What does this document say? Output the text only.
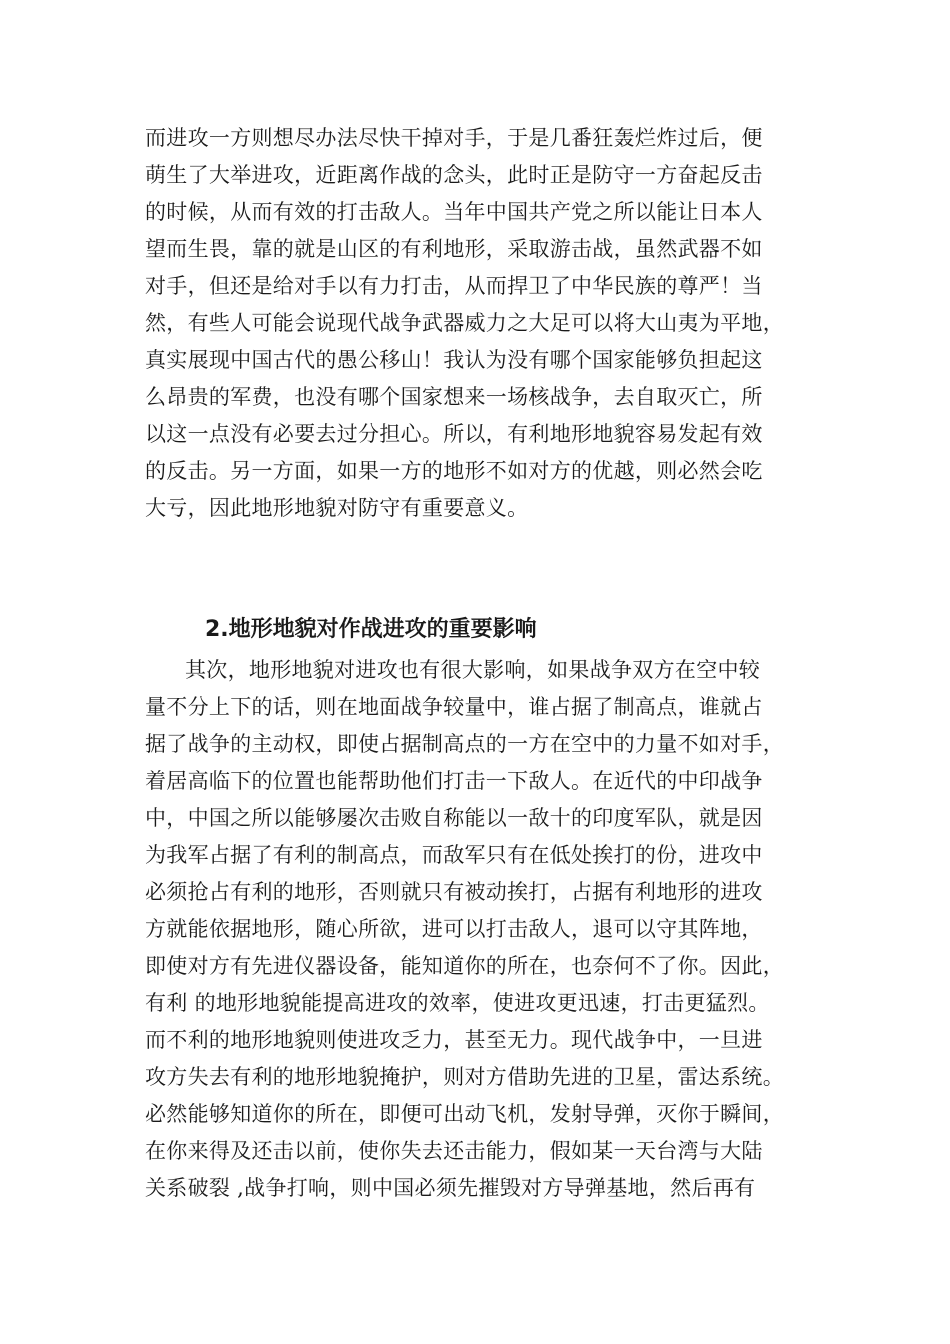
而进攻一方则想尽办法尽快干掉对手，于是几番狂轰烂炸过后，便
萌生了大举进攻，近距离作战的念头，此时正是防守一方奋起反击
的时候，从而有效的打击敌人。当年中国共产党之所以能让日本人
望而生畏，靠的就是山区的有利地形，采取游击战，虽然武器不如
对手，但还是给对手以有力打击，从而捍卫了中华民族的尊严！当
然，有些人可能会说现代战争武器威力之大足可以将大山夷为平地，
真实展现中国古代的愚公移山！我认为没有哪个国家能够负担起这
么昂贵的军费，也没有哪个国家想来一场核战争，去自取灭亡，所
以这一点没有必要去过分担心。所以，有利地形地貌容易发起有效
的反击。另一方面，如果一方的地形不如对方的优越，则必然会吃
大亏，因此地形地貌对防守有重要意义。
2.地形地貌对作战进攻的重要影响
其次，地形地貌对进攻也有很大影响，如果战争双方在空中较
量不分上下的话，则在地面战争较量中，谁占据了制高点，谁就占
据了战争的主动权，即使占据制高点的一方在空中的力量不如对手，
着居高临下的位置也能帮助他们打击一下敌人。在近代的中印战争
中，中国之所以能够屡次击败自称能以一敌十的印度军队，就是因
为我军占据了有利的制高点，而敌军只有在低处挨打的份，进攻中
必须抢占有利的地形，否则就只有被动挨打，占据有利地形的进攻
方就能依据地形，随心所欲，进可以打击敌人，退可以守其阵地，
即使对方有先进仪器设备，能知道你的所在，也奈何不了你。因此，
有利 的地形地貌能提高进攻的效率，使进攻更迅速，打击更猛烈。
而不利的地形地貌则使进攻乏力，甚至无力。现代战争中，一旦进
攻方失去有利的地形地貌掩护，则对方借助先进的卫星，雷达系统。
必然能够知道你的所在，即便可出动飞机，发射导弹，灭你于瞬间，
在你来得及还击以前，使你失去还击能力，假如某一天台湾与大陆
关系破裂 ,战争打响，则中国必须先摧毁对方导弹基地，然后再有
